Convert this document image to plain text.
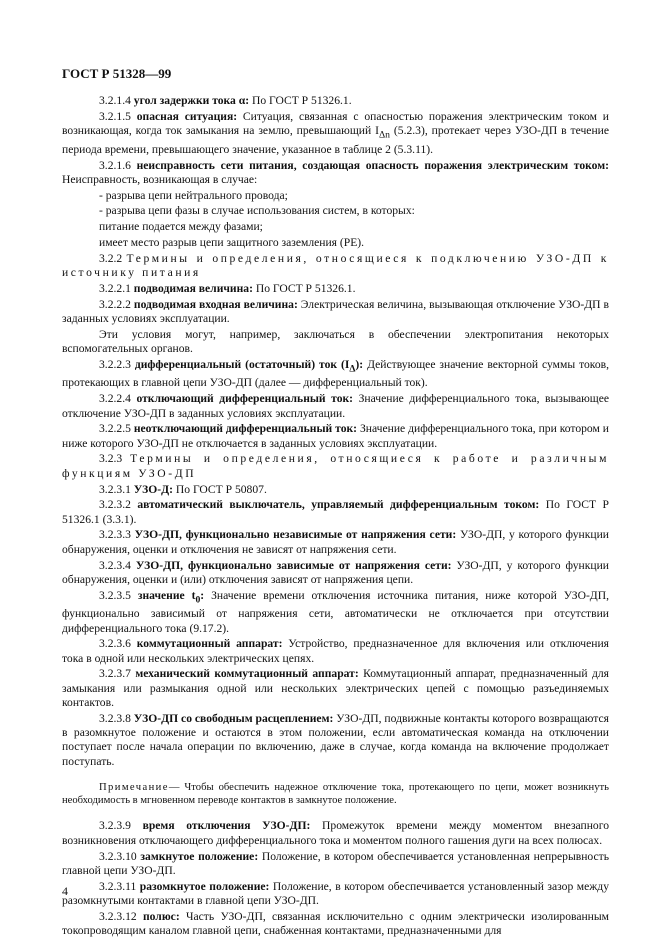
ГОСТ Р 51328—99

3.2.1.4 угол задержки тока α: По ГОСТ Р 51326.1.

3.2.1.5 опасная ситуация: Ситуация, связанная с опасностью поражения электрическим током и возникающая, когда ток замыкания на землю, превышающий $I_{\Delta n}$ (5.2.3), протекает через УЗО-ДП в течение периода времени, превышающего значение, указанное в таблице 2 (5.3.11).

3.2.1.6 неисправность сети питания, создающая опасность поражения электрическим током: Неисправность, возникающая в случае:

- разрыва цепи нейтрального провода;

- разрыва цепи фазы в случае использования систем, в которых:

питание подается между фазами;

имеет место разрыв цепи защитного заземления (РЕ).

3.2.2 Термины и определения, относящиеся к подключению УЗО-ДП к источнику питания

3.2.2.1 подводимая величина: По ГОСТ Р 51326.1.

3.2.2.2 подводимая входная величина: Электрическая величина, вызывающая отключение УЗО-ДП в заданных условиях эксплуатации.

Эти условия могут, например, заключаться в обеспечении электропитания некоторых вспомогательных органов.

3.2.2.3 дифференциальный (остаточный) ток $(I_\Delta)$: Действующее значение векторной суммы токов, протекающих в главной цепи УЗО-ДП (далее — дифференциальный ток).

3.2.2.4 отключающий дифференциальный ток: Значение дифференциального тока, вызывающее отключение УЗО-ДП в заданных условиях эксплуатации.

3.2.2.5 неотключающий дифференциальный ток: Значение дифференциального тока, при котором и ниже которого УЗО-ДП не отключается в заданных условиях эксплуатации.

3.2.3 Термины и определения, относящиеся к работе и различным функциям УЗО-ДП

3.2.3.1 УЗО-Д: По ГОСТ Р 50807.

3.2.3.2 автоматический выключатель, управляемый дифференциальным током: По ГОСТ Р 51326.1 (3.3.1).

3.2.3.3 УЗО-ДП, функционально независимые от напряжения сети: УЗО-ДП, у которого функции обнаружения, оценки и отключения не зависят от напряжения сети.

3.2.3.4 УЗО-ДП, функционально зависимые от напряжения сети: УЗО-ДП, у которого функции обнаружения, оценки и (или) отключения зависят от напряжения цепи.

3.2.3.5 значение $t_0$: Значение времени отключения источника питания, ниже которой УЗО-ДП, функционально зависимый от напряжения сети, автоматически не отключается при отсутствии дифференциального тока (9.17.2).

3.2.3.6 коммутационный аппарат: Устройство, предназначенное для включения или отключения тока в одной или нескольких электрических цепях.

3.2.3.7 механический коммутационный аппарат: Коммутационный аппарат, предназначенный для замыкания или размыкания одной или нескольких электрических цепей с помощью разъединяемых контактов.

3.2.3.8 УЗО-ДП со свободным расцеплением: УЗО-ДП, подвижные контакты которого возвращаются в разомкнутое положение и остаются в этом положении, если автоматическая команда на отключении поступает после начала операции по включению, даже в случае, когда команда на включение продолжает поступать.

Примечание— Чтобы обеспечить надежное отключение тока, протекающего по цепи, может возникнуть необходимость в мгновенном переводе контактов в замкнутое положение.

3.2.3.9 время отключения УЗО-ДП: Промежуток времени между моментом внезапного возникновения отключающего дифференциального тока и моментом полного гашения дуги на всех полюсах.

3.2.3.10 замкнутое положение: Положение, в котором обеспечивается установленная непрерывность главной цепи УЗО-ДП.

3.2.3.11 разомкнутое положение: Положение, в котором обеспечивается установленный зазор между разомкнутыми контактами в главной цепи УЗО-ДП.

3.2.3.12 полюс: Часть УЗО-ДП, связанная исключительно с одним электрически изолированным токопроводящим каналом главной цепи, снабженная контактами, предназначенными для

4
